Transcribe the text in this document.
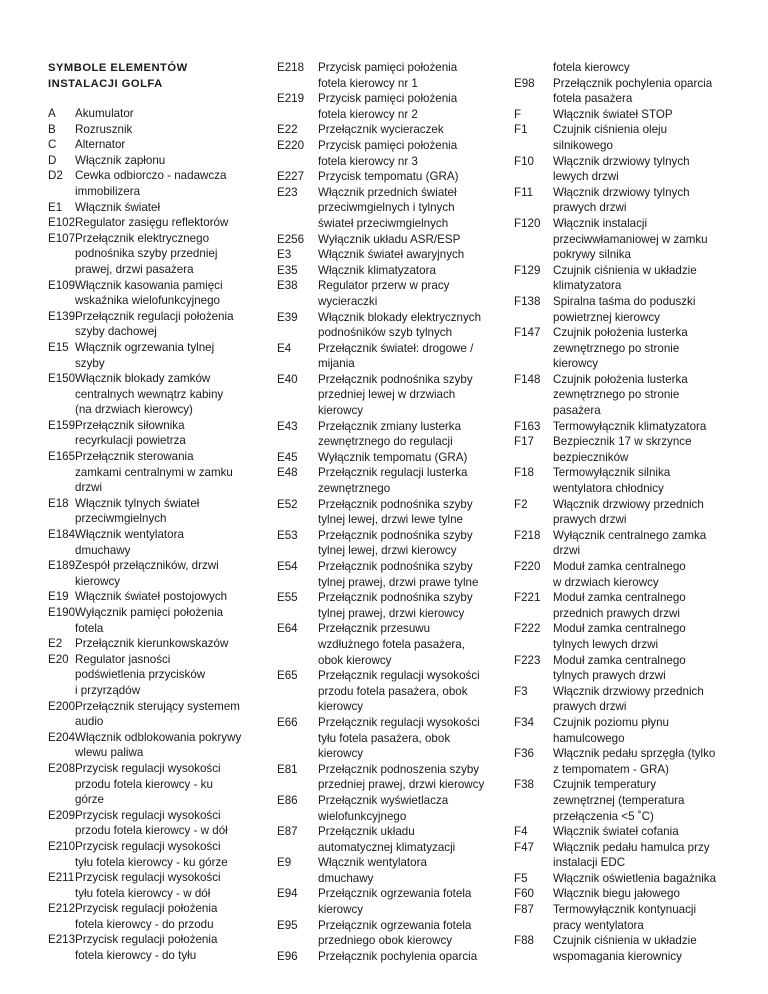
SYMBOLE ELEMENTÓW
INSTALACJI GOLFA
A	Akumulator
B	Rozrusznik
C	Alternator
D	Włącznik zapłonu
D2	Cewka odbiorczo - nadawcza
immobilizera
E1	Włącznik świateł
E102 Regulator zasięgu reflektorów
E107 Przełącznik elektrycznego
podnośnika szyby przedniej
prawej, drzwi pasażera
E109 Włącznik kasowania pamięci
wskaźnika wielofunkcyjnego
E139 Przełącznik regulacji położenia
szyby dachowej
E15 Włącznik ogrzewania tylnej
szyby
E150 Włącznik blokady zamków
centralnych wewnątrz kabiny
(na drzwiach kierowcy)
E159 Przełącznik siłownika
recyrkulacji powietrza
E165 Przełącznik sterowania
zamkami centralnymi w zamku
drzwi
E18 Włącznik tylnych świateł
przeciwmgielnych
E184 Włącznik wentylatora
dmuchawy
E189 Zespół przełączników, drzwi
kierowcy
E19 Włącznik świateł postojowych
E190 Wyłącznik pamięci położenia
fotela
E2	Przełącznik kierunkowskazów
E20 Regulator jasności
podświetlenia przycisków
i przyrządów
E200 Przełącznik sterujący systemem
audio
E204 Włącznik odblokowania pokrywy
wlewu paliwa
E208 Przycisk regulacji wysokości
przodu fotela kierowcy - ku
górze
E209 Przycisk regulacji wysokości
przodu fotela kierowcy - w dół
E210 Przycisk regulacji wysokości
tyłu fotela kierowcy - ku górze
E211 Przycisk regulacji wysokości
tyłu fotela kierowcy - w dół
E212 Przycisk regulacji położenia
fotela kierowcy - do przodu
E213 Przycisk regulacji położenia
fotela kierowcy - do tyłu
E218	Przycisk pamięci położenia
fotela kierowcy nr 1
E219	Przycisk pamięci położenia
fotela kierowcy nr 2
E22	Przełącznik wycieraczek
E220	Przycisk pamięci położenia
fotela kierowcy nr 3
E227	Przycisk tempomatu (GRA)
E23	Włącznik przednich świateł
przeciwmgielnych i tylnych
świateł przeciwmgielnych
E256	Wyłącznik układu ASR/ESP
E3	Włącznik świateł awaryjnych
E35	Włącznik klimatyzatora
E38	Regulator przerw w pracy
wycieraczki
E39	Włącznik blokady elektrycznych
podnośników szyb tylnych
E4	Przełącznik świateł: drogowe /
mijania
E40	Przełącznik podnośnika szyby
przedniej lewej w drzwiach
kierowcy
E43	Przełącznik zmiany lusterka
zewnętrznego do regulacji
E45	Wyłącznik tempomatu (GRA)
E48	Przełącznik regulacji lusterka
zewnętrznego
E52	Przełącznik podnośnika szyby
tylnej lewej, drzwi lewe tylne
E53	Przełącznik podnośnika szyby
tylnej lewej, drzwi kierowcy
E54	Przełącznik podnośnika szyby
tylnej prawej, drzwi prawe tylne
E55	Przełącznik podnośnika szyby
tylnej prawej, drzwi kierowcy
E64	Przełącznik przesuwu
wzdłużnego fotela pasażera,
obok kierowcy
E65	Przełącznik regulacji wysokości
przodu fotela pasażera, obok
kierowcy
E66	Przełącznik regulacji wysokości
tyłu fotela pasażera, obok
kierowcy
E81	Przełącznik podnoszenia szyby
przedniej prawej, drzwi kierowcy
E86	Przełącznik wyświetlacza
wielofunkcyjnego
E87	Przełącznik układu
automatycznej klimatyzacji
E9	Włącznik wentylatora
dmuchawy
E94	Przełącznik ogrzewania fotela
kierowcy
E95	Przełącznik ogrzewania fotela
przedniego obok kierowcy
E96	Przełącznik pochylenia oparcia
fotela kierowcy
E98	Przełącznik pochylenia oparcia
fotela pasażera
F	Włącznik świateł STOP
F1	Czujnik ciśnienia oleju
silnikowego
F10	Włącznik drzwiowy tylnych
lewych drzwi
F11	Włącznik drzwiowy tylnych
prawych drzwi
F120	Włącznik instalacji
przeciwwłamaniowej w zamku
pokrywy silnika
F129	Czujnik ciśnienia w układzie
klimatyzatora
F138	Spiralna taśma do poduszki
powietrznej kierowcy
F147	Czujnik położenia lusterka
zewnętrznego po stronie
kierowcy
F148	Czujnik położenia lusterka
zewnętrznego po stronie
pasażera
F163	Termowyłącznik klimatyzatora
F17	Bezpiecznik 17 w skrzynce
bezpieczników
F18	Termowyłącznik silnika
wentylatora chłodnicy
F2	Włącznik drzwiowy przednich
prawych drzwi
F218	Wyłącznik centralnego zamka
drzwi
F220	Moduł zamka centralnego
w drzwiach kierowcy
F221	Moduł zamka centralnego
przednich prawych drzwi
F222	Moduł zamka centralnego
tylnych lewych drzwi
F223	Moduł zamka centralnego
tylnych prawych drzwi
F3	Włącznik drzwiowy przednich
prawych drzwi
F34	Czujnik poziomu płynu
hamulcowego
F36	Włącznik pedału sprzęgła (tylko
z tempomatem - GRA)
F38	Czujnik temperatury
zewnętrznej (temperatura
przełączenia <5 ˚C)
F4	Włącznik świateł cofania
F47	Włącznik pedału hamulca przy
instalacji EDC
F5	Włącznik oświetlenia bagażnika
F60	Włącznik biegu jałowego
F87	Termowyłącznik kontynuacji
pracy wentylatora
F88	Czujnik ciśnienia w układzie
wspomagania kierownicy
